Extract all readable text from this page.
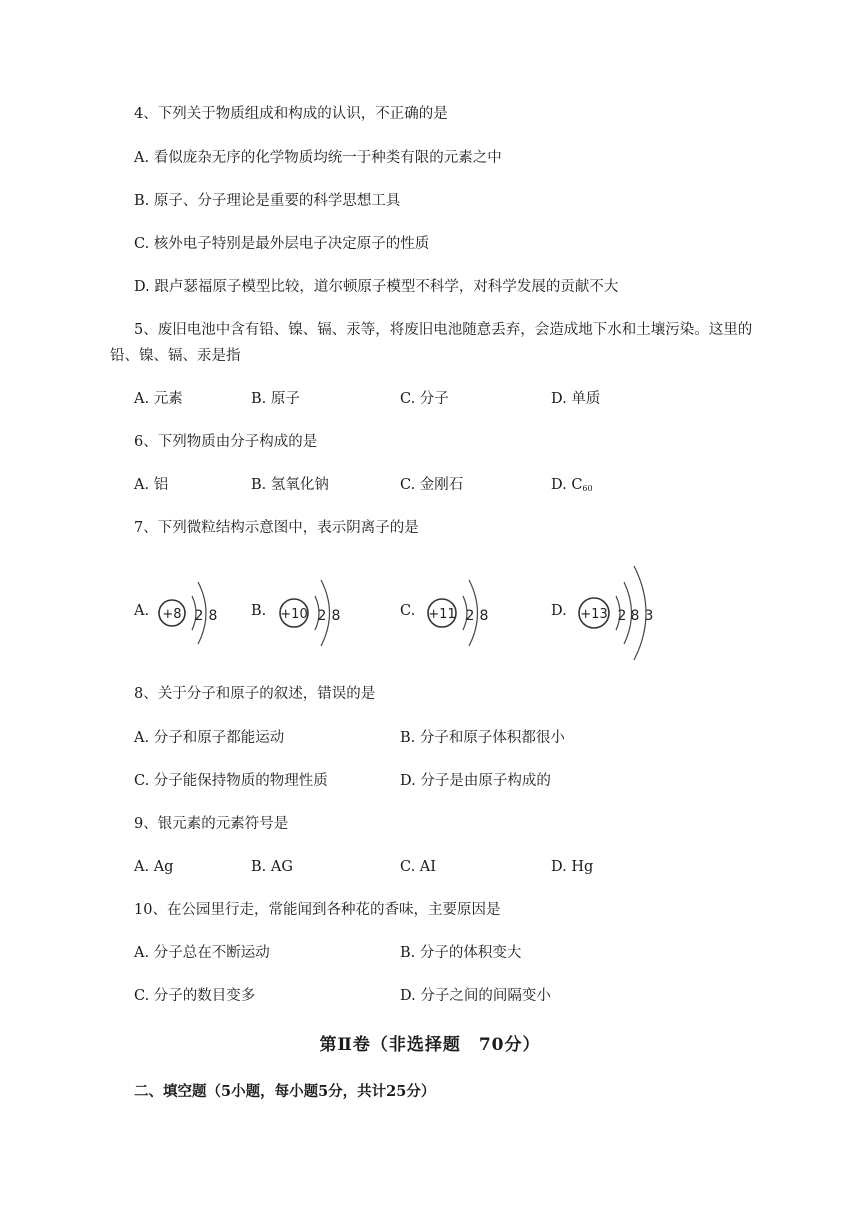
4、下列关于物质组成和构成的认识，不正确的是
A. 看似庞杂无序的化学物质均统一于种类有限的元素之中
B. 原子、分子理论是重要的科学思想工具
C. 核外电子特别是最外层电子决定原子的性质
D. 跟卢瑟福原子模型比较，道尔顿原子模型不科学，对科学发展的贡献不大
5、废旧电池中含有铅、镍、镉、汞等，将废旧电池随意丢弃，会造成地下水和土壤污染。这里的
铅、镍、镉、汞是指
A. 元素	B. 原子	C. 分子	D. 单质
6、下列物质由分子构成的是
A. 铝	B. 氢氧化钠	C. 金刚石	D. $C_{60}$
7、下列微粒结构示意图中，表示阴离子的是
A. +8 2 8 B. +10 2 8	C. +11 2 8	D. +13 2 8 3
8、关于分子和原子的叙述，错误的是
A. 分子和原子都能运动	B. 分子和原子体积都很小
C. 分子能保持物质的物理性质	D. 分子是由原子构成的
9、银元素的元素符号是
A. Ag	B. AG	C. AI	D. Hg
10、在公园里行走，常能闻到各种花的香味，主要原因是
A. 分子总在不断运动	B. 分子的体积变大
C. 分子的数目变多	D. 分子之间的间隔变小
第Ⅱ卷（非选择题　70分）
二、填空题（5小题，每小题5分，共计25分）
